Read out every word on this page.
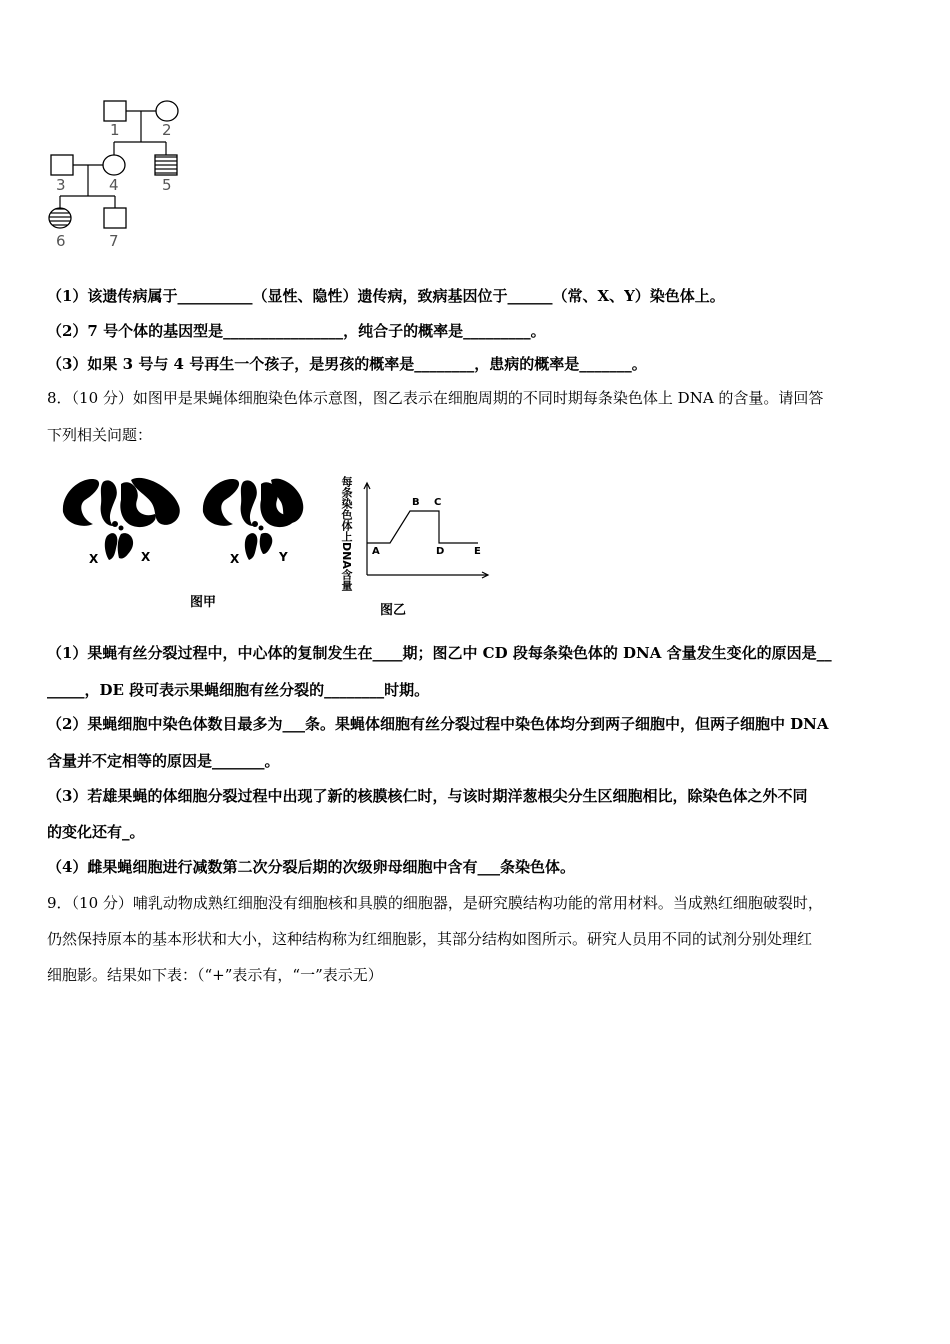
1	2
3	4	5
6	7
（1）该遗传病属于__________（显性、隐性）遗传病，致病基因位于______（常、X、Y）染色体上。
（2）7 号个体的基因型是________________，纯合子的概率是_________。
（3）如果 3 号与 4 号再生一个孩子，是男孩的概率是________，患病的概率是_______。
8．（10 分）如图甲是果蝇体细胞染色体示意图，图乙表示在细胞周期的不同时期每条染色体上 DNA 的含量。请回答
下列相关问题：
X	X	X	Y
图甲
每条染色体上DNA含量 A
B C
D	E
图乙
（1）果蝇有丝分裂过程中，中心体的复制发生在____期；图乙中 CD 段每条染色体的 DNA 含量发生变化的原因是__
_____，DE 段可表示果蝇细胞有丝分裂的________时期。
（2）果蝇细胞中染色体数目最多为___条。果蝇体细胞有丝分裂过程中染色体均分到两子细胞中，但两子细胞中 DNA
含量并不定相等的原因是_______。
（3）若雄果蝇的体细胞分裂过程中出现了新的核膜核仁时，与该时期洋葱根尖分生区细胞相比，除染色体之外不同
的变化还有_。
（4）雌果蝇细胞进行减数第二次分裂后期的次级卵母细胞中含有___条染色体。
9．（10 分）哺乳动物成熟红细胞没有细胞核和具膜的细胞器，是研究膜结构功能的常用材料。当成熟红细胞破裂时，
仍然保持原本的基本形状和大小，这种结构称为红细胞影，其部分结构如图所示。研究人员用不同的试剂分别处理红
细胞影。结果如下表：（“+”表示有，“一”表示无）
